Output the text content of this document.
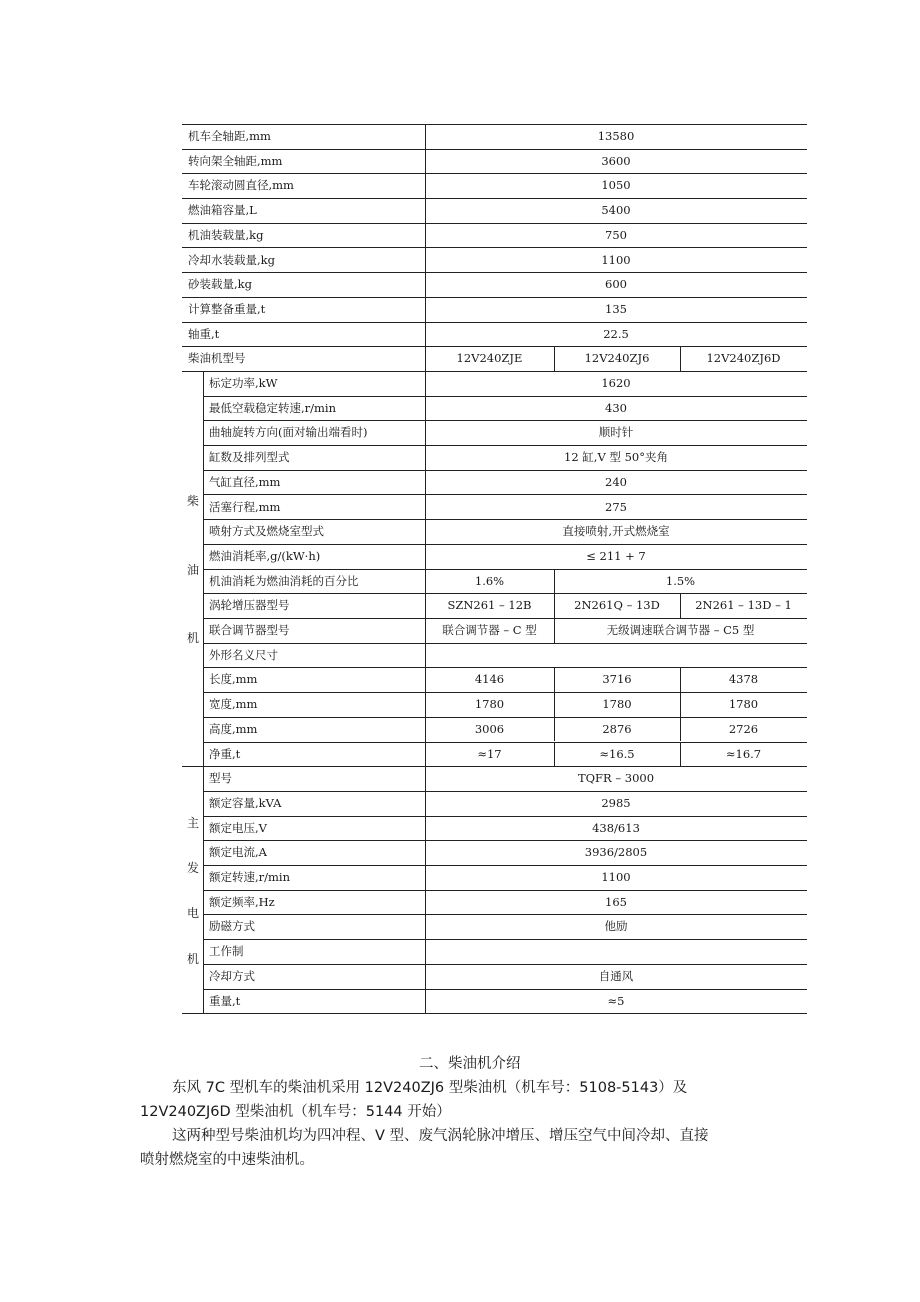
机车全轴距,mm	13580
转向架全轴距,mm	3600
车轮滚动圆直径,mm	1050
燃油箱容量,L	5400
机油装载量,kg	750
冷却水装载量,kg	1100
砂装载量,kg	600
计算整备重量,t	135
轴重,t	22.5
柴油机型号	12V240ZJE	12V240ZJ6	12V240ZJ6D
标定功率,kW	1620
最低空载稳定转速,r/min	430
曲轴旋转方向(面对输出端看时)	顺时针
缸数及排列型式	12 缸,V 型 50°夹角
气缸直径,mm	240
活塞行程,mm	275
喷射方式及燃烧室型式	直接喷射,开式燃烧室
燃油消耗率,g/(kW·h)	≤ 211 + 7
机油消耗为燃油消耗的百分比	1.6%	1.5%
涡轮增压器型号	SZN261 – 12B	2N261Q – 13D	2N261 – 13D – 1
联合调节器型号	联合调节器 – C 型	无级调速联合调节器 – C5 型
外形名义尺寸
长度,mm	4146	3716	4378
宽度,mm	1780	1780	1780
高度,mm	3006	2876	2726
净重,t	≈17	≈16.5	≈16.7
型号	TQFR – 3000
额定容量,kVA	2985
额定电压,V	438/613
额定电流,A	3936/2805
额定转速,r/min	1100
额定频率,Hz	165
励磁方式	他励
工作制
冷却方式	自通风
重量,t	≈5
柴
油
机
主
发
电
机
二、柴油机介绍
东风 7C 型机车的柴油机采用 12V240ZJ6 型柴油机（机车号：5108-5143）及
12V240ZJ6D 型柴油机（机车号：5144 开始）
这两种型号柴油机均为四冲程、V 型、废气涡轮脉冲增压、增压空气中间冷却、直接
喷射燃烧室的中速柴油机。
